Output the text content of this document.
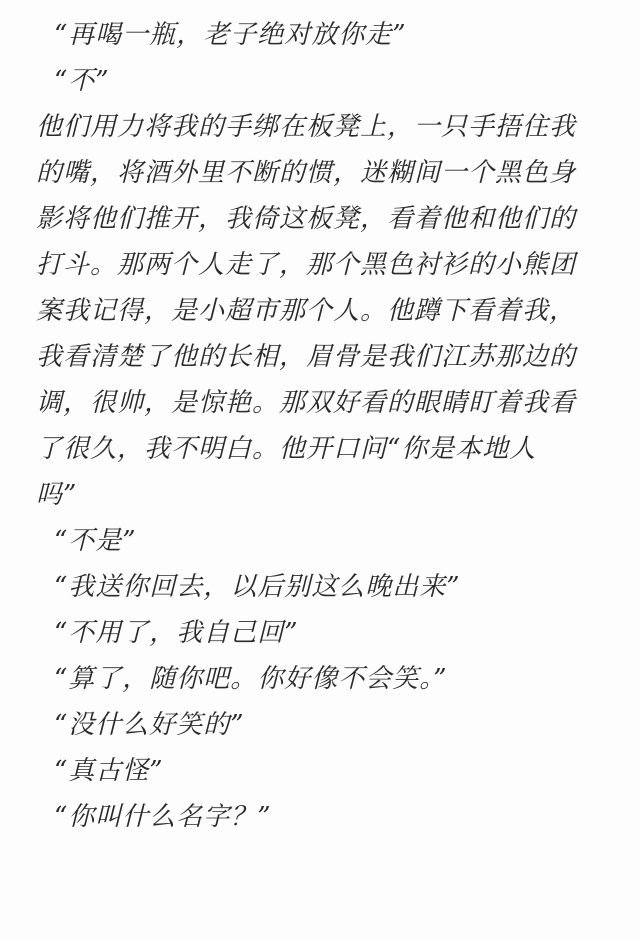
“再喝一瓶，老子绝对放你走”
“不”
他们用力将我的手绑在板凳上，一只手捂住我
的嘴，将酒外里不断的惯，迷糊间一个黑色身
影将他们推开，我倚这板凳，看着他和他们的
打斗。那两个人走了，那个黑色衬衫的小熊团
案我记得，是小超市那个人。他蹲下看着我，
我看清楚了他的长相，眉骨是我们江苏那边的
调，很帅，是惊艳。那双好看的眼睛盯着我看
了很久，我不明白。他开口问“你是本地人
吗”
“不是”
“我送你回去，以后别这么晚出来”
“不用了，我自己回”
“算了，随你吧。你好像不会笑。”
“没什么好笑的”
“真古怪”
“你叫什么名字？”
